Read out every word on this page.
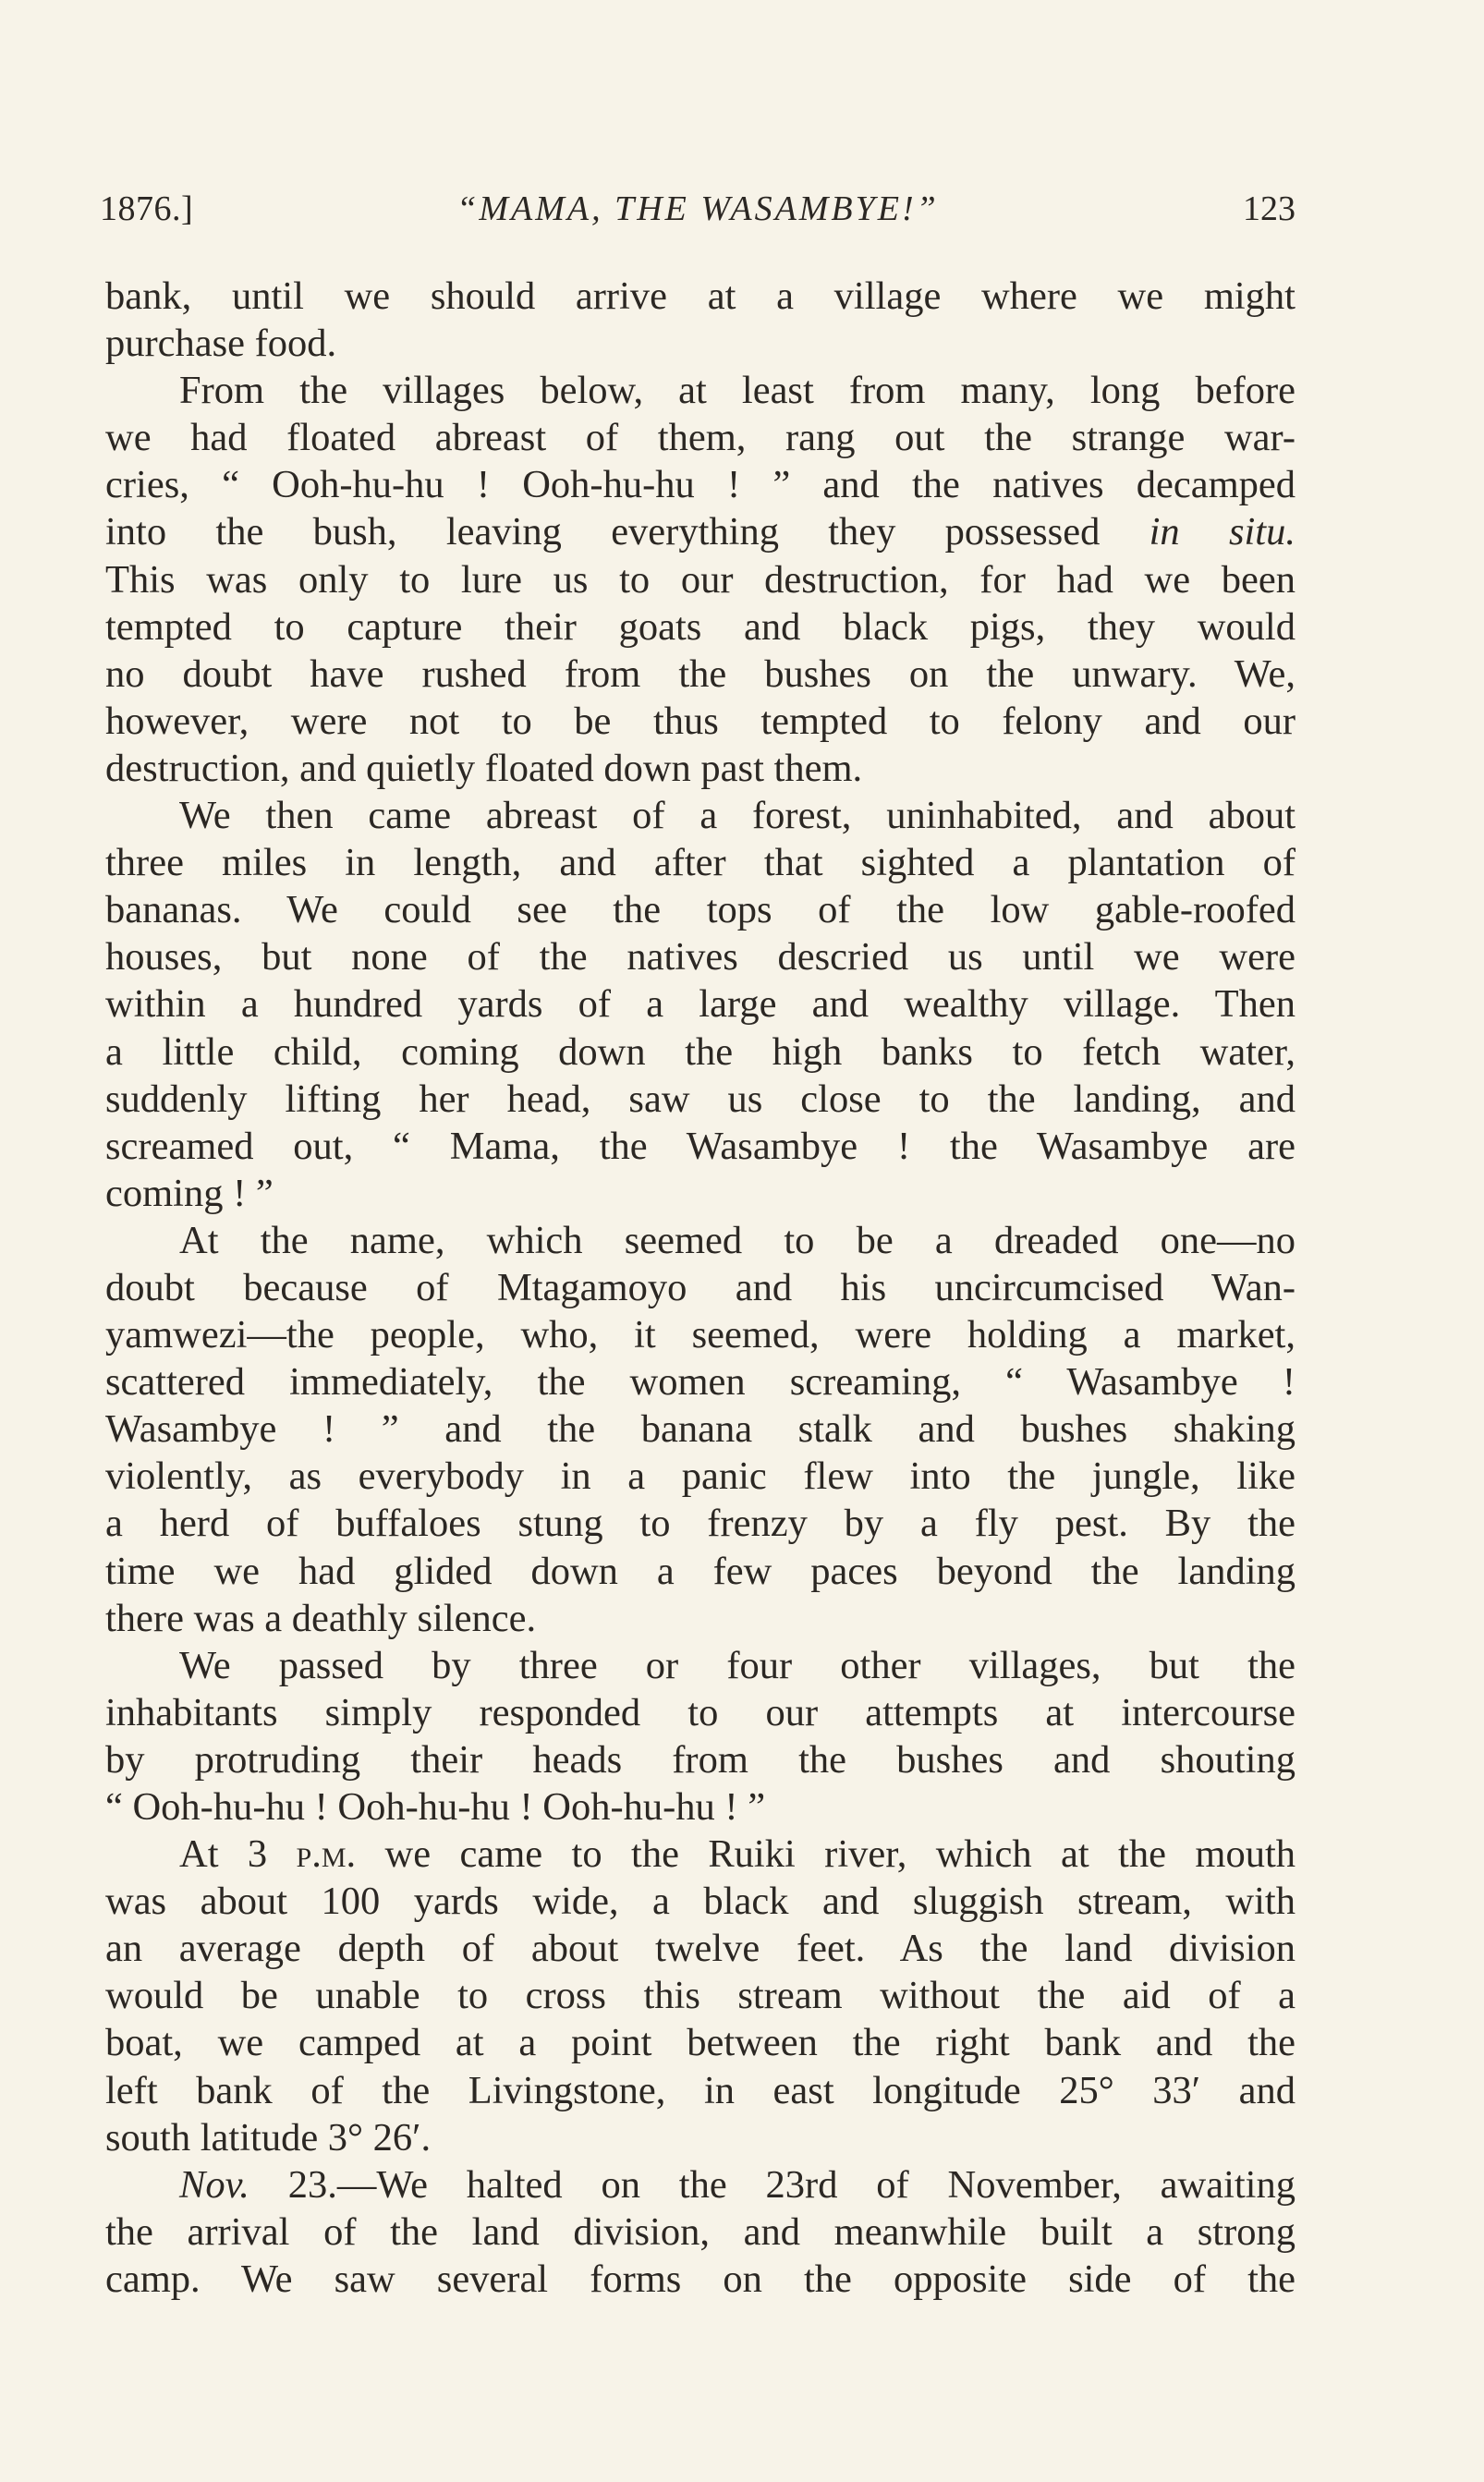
1876.]	“MAMA, THE WASAMBYE!”	123
bank, until we should arrive at a village where we might
purchase food.
From the villages below, at least from many, long before
we had floated abreast of them, rang out the strange war-
cries, “ Ooh-hu-hu ! Ooh-hu-hu ! ” and the natives decamped
into the bush, leaving everything they possessed in situ.
This was only to lure us to our destruction, for had we been
tempted to capture their goats and black pigs, they would
no doubt have rushed from the bushes on the unwary. We,
however, were not to be thus tempted to felony and our
destruction, and quietly floated down past them.
We then came abreast of a forest, uninhabited, and about
three miles in length, and after that sighted a plantation of
bananas. We could see the tops of the low gable-roofed
houses, but none of the natives descried us until we were
within a hundred yards of a large and wealthy village. Then
a little child, coming down the high banks to fetch water,
suddenly lifting her head, saw us close to the landing, and
screamed out, “ Mama, the Wasambye ! the Wasambye are
coming ! ”
At the name, which seemed to be a dreaded one—no
doubt because of Mtagamoyo and his uncircumcised Wan-
yamwezi—the people, who, it seemed, were holding a market,
scattered immediately, the women screaming, “ Wasambye !
Wasambye ! ” and the banana stalk and bushes shaking
violently, as everybody in a panic flew into the jungle, like
a herd of buffaloes stung to frenzy by a fly pest. By the
time we had glided down a few paces beyond the landing
there was a deathly silence.
We passed by three or four other villages, but the
inhabitants simply responded to our attempts at intercourse
by protruding their heads from the bushes and shouting
“ Ooh-hu-hu ! Ooh-hu-hu ! Ooh-hu-hu ! ”
At 3 p.m. we came to the Ruiki river, which at the mouth
was about 100 yards wide, a black and sluggish stream, with
an average depth of about twelve feet. As the land division
would be unable to cross this stream without the aid of a
boat, we camped at a point between the right bank and the
left bank of the Livingstone, in east longitude 25° 33′ and
south latitude 3° 26′.
Nov. 23.—We halted on the 23rd of November, awaiting
the arrival of the land division, and meanwhile built a strong
camp. We saw several forms on the opposite side of the
